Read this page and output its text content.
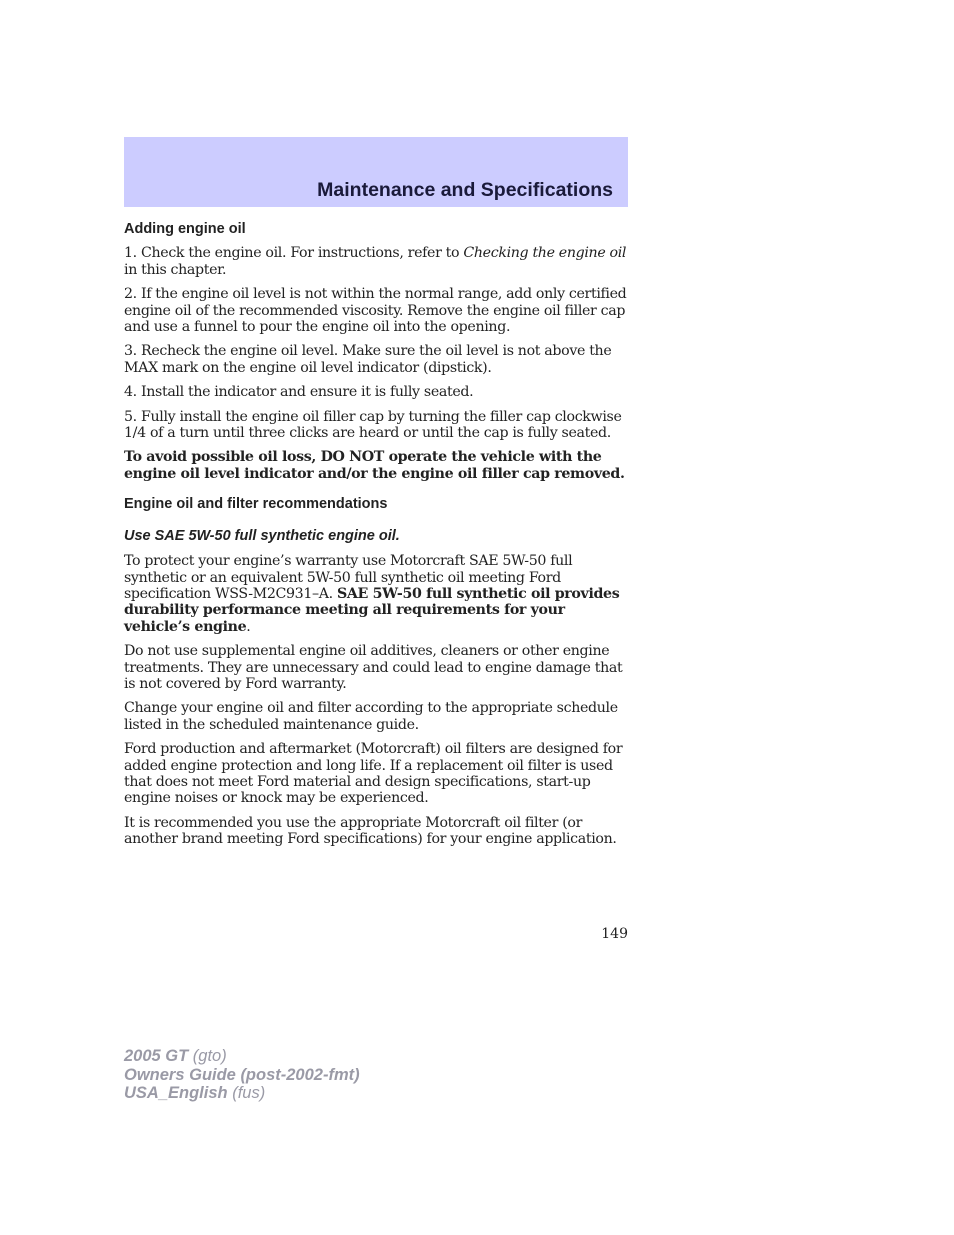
Maintenance and Specifications
Adding engine oil

1. Check the engine oil. For instructions, refer to Checking the engine oil in this chapter.

2. If the engine oil level is not within the normal range, add only certified engine oil of the recommended viscosity. Remove the engine oil filler cap and use a funnel to pour the engine oil into the opening.

3. Recheck the engine oil level. Make sure the oil level is not above the MAX mark on the engine oil level indicator (dipstick).

4. Install the indicator and ensure it is fully seated.

5. Fully install the engine oil filler cap by turning the filler cap clockwise 1/4 of a turn until three clicks are heard or until the cap is fully seated.

To avoid possible oil loss, DO NOT operate the vehicle with the engine oil level indicator and/or the engine oil filler cap removed.

Engine oil and filter recommendations
Use SAE 5W-50 full synthetic engine oil.

To protect your engine’s warranty use Motorcraft SAE 5W-50 full synthetic or an equivalent 5W-50 full synthetic oil meeting Ford specification WSS-M2C931–A. SAE 5W-50 full synthetic oil provides durability performance meeting all requirements for your vehicle’s engine.

Do not use supplemental engine oil additives, cleaners or other engine treatments. They are unnecessary and could lead to engine damage that is not covered by Ford warranty.

Change your engine oil and filter according to the appropriate schedule listed in the scheduled maintenance guide.

Ford production and aftermarket (Motorcraft) oil filters are designed for added engine protection and long life. If a replacement oil filter is used that does not meet Ford material and design specifications, start-up engine noises or knock may be experienced.

It is recommended you use the appropriate Motorcraft oil filter (or another brand meeting Ford specifications) for your engine application.

149
2005 GT (gto)
Owners Guide (post-2002-fmt)
USA_English (fus)
